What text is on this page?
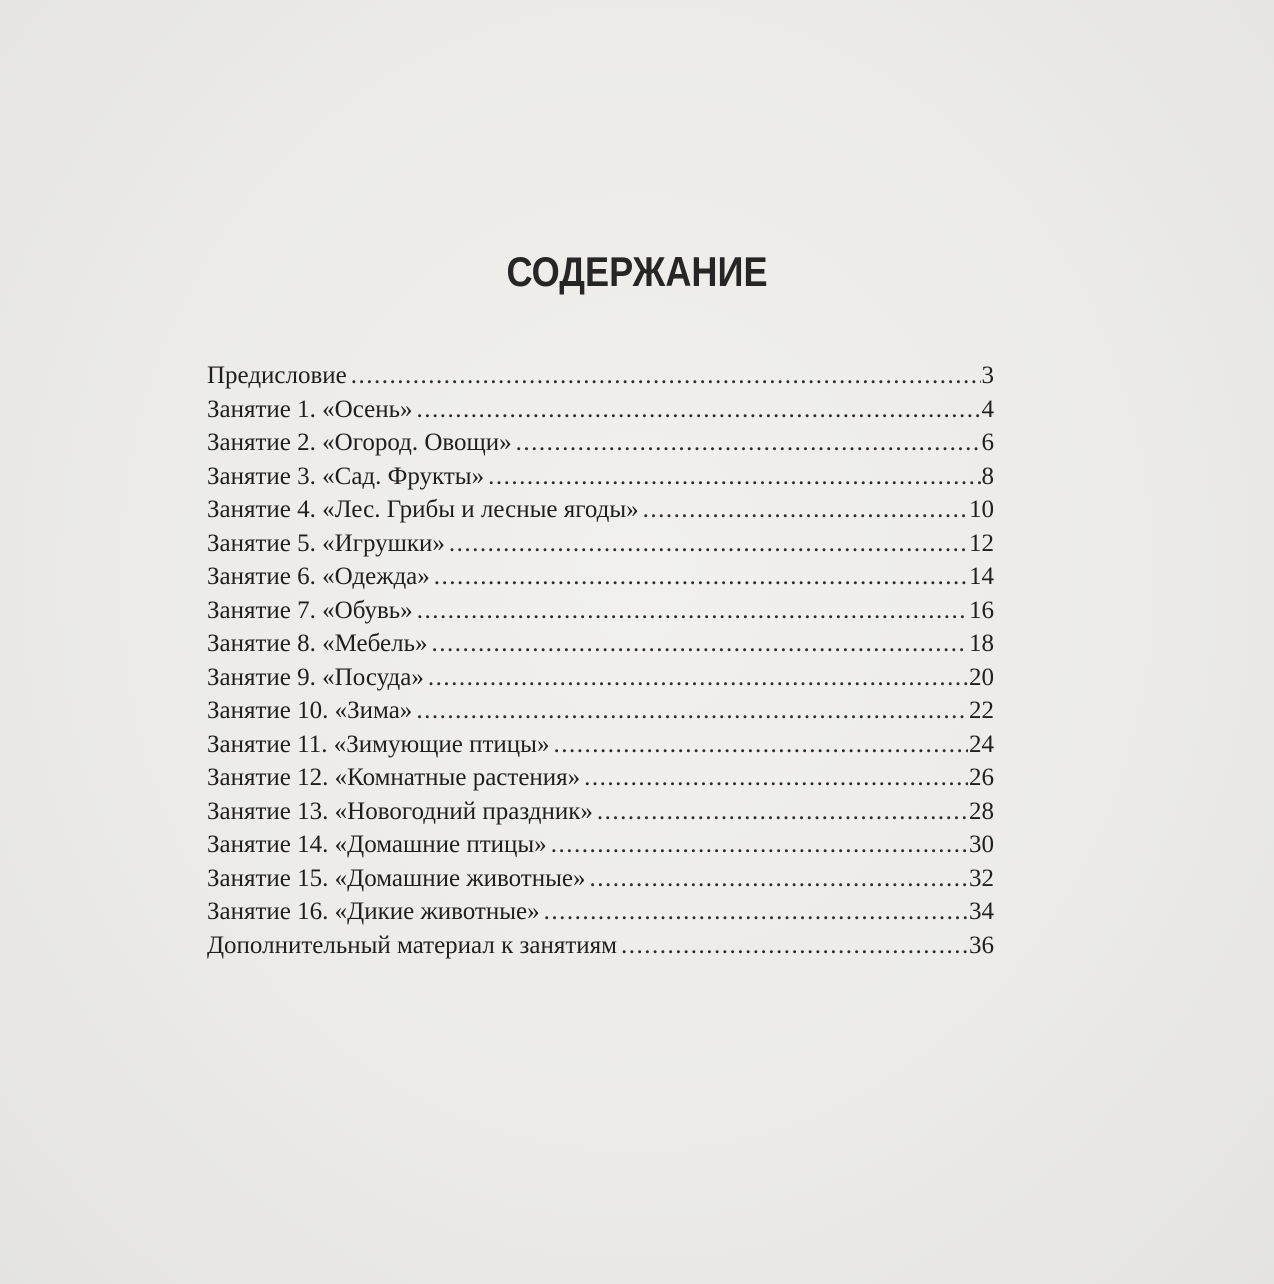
СОДЕРЖАНИЕ
Предисловие .....	3
Занятие 1. «Осень» .....	4
Занятие 2. «Огород. Овощи» .....	6
Занятие 3. «Сад. Фрукты» .....	8
Занятие 4. «Лес. Грибы и лесные ягоды» .....	10
Занятие 5. «Игрушки» .....	12
Занятие 6. «Одежда» .....	14
Занятие 7. «Обувь» .....	16
Занятие 8. «Мебель» .....	18
Занятие 9. «Посуда» .....	20
Занятие 10. «Зима» .....	22
Занятие 11. «Зимующие птицы» .....	24
Занятие 12. «Комнатные растения» .....	26
Занятие 13. «Новогодний праздник» .....	28
Занятие 14. «Домашние птицы» .....	30
Занятие 15. «Домашние животные» .....	32
Занятие 16. «Дикие животные» .....	34
Дополнительный материал к занятиям .....	36
